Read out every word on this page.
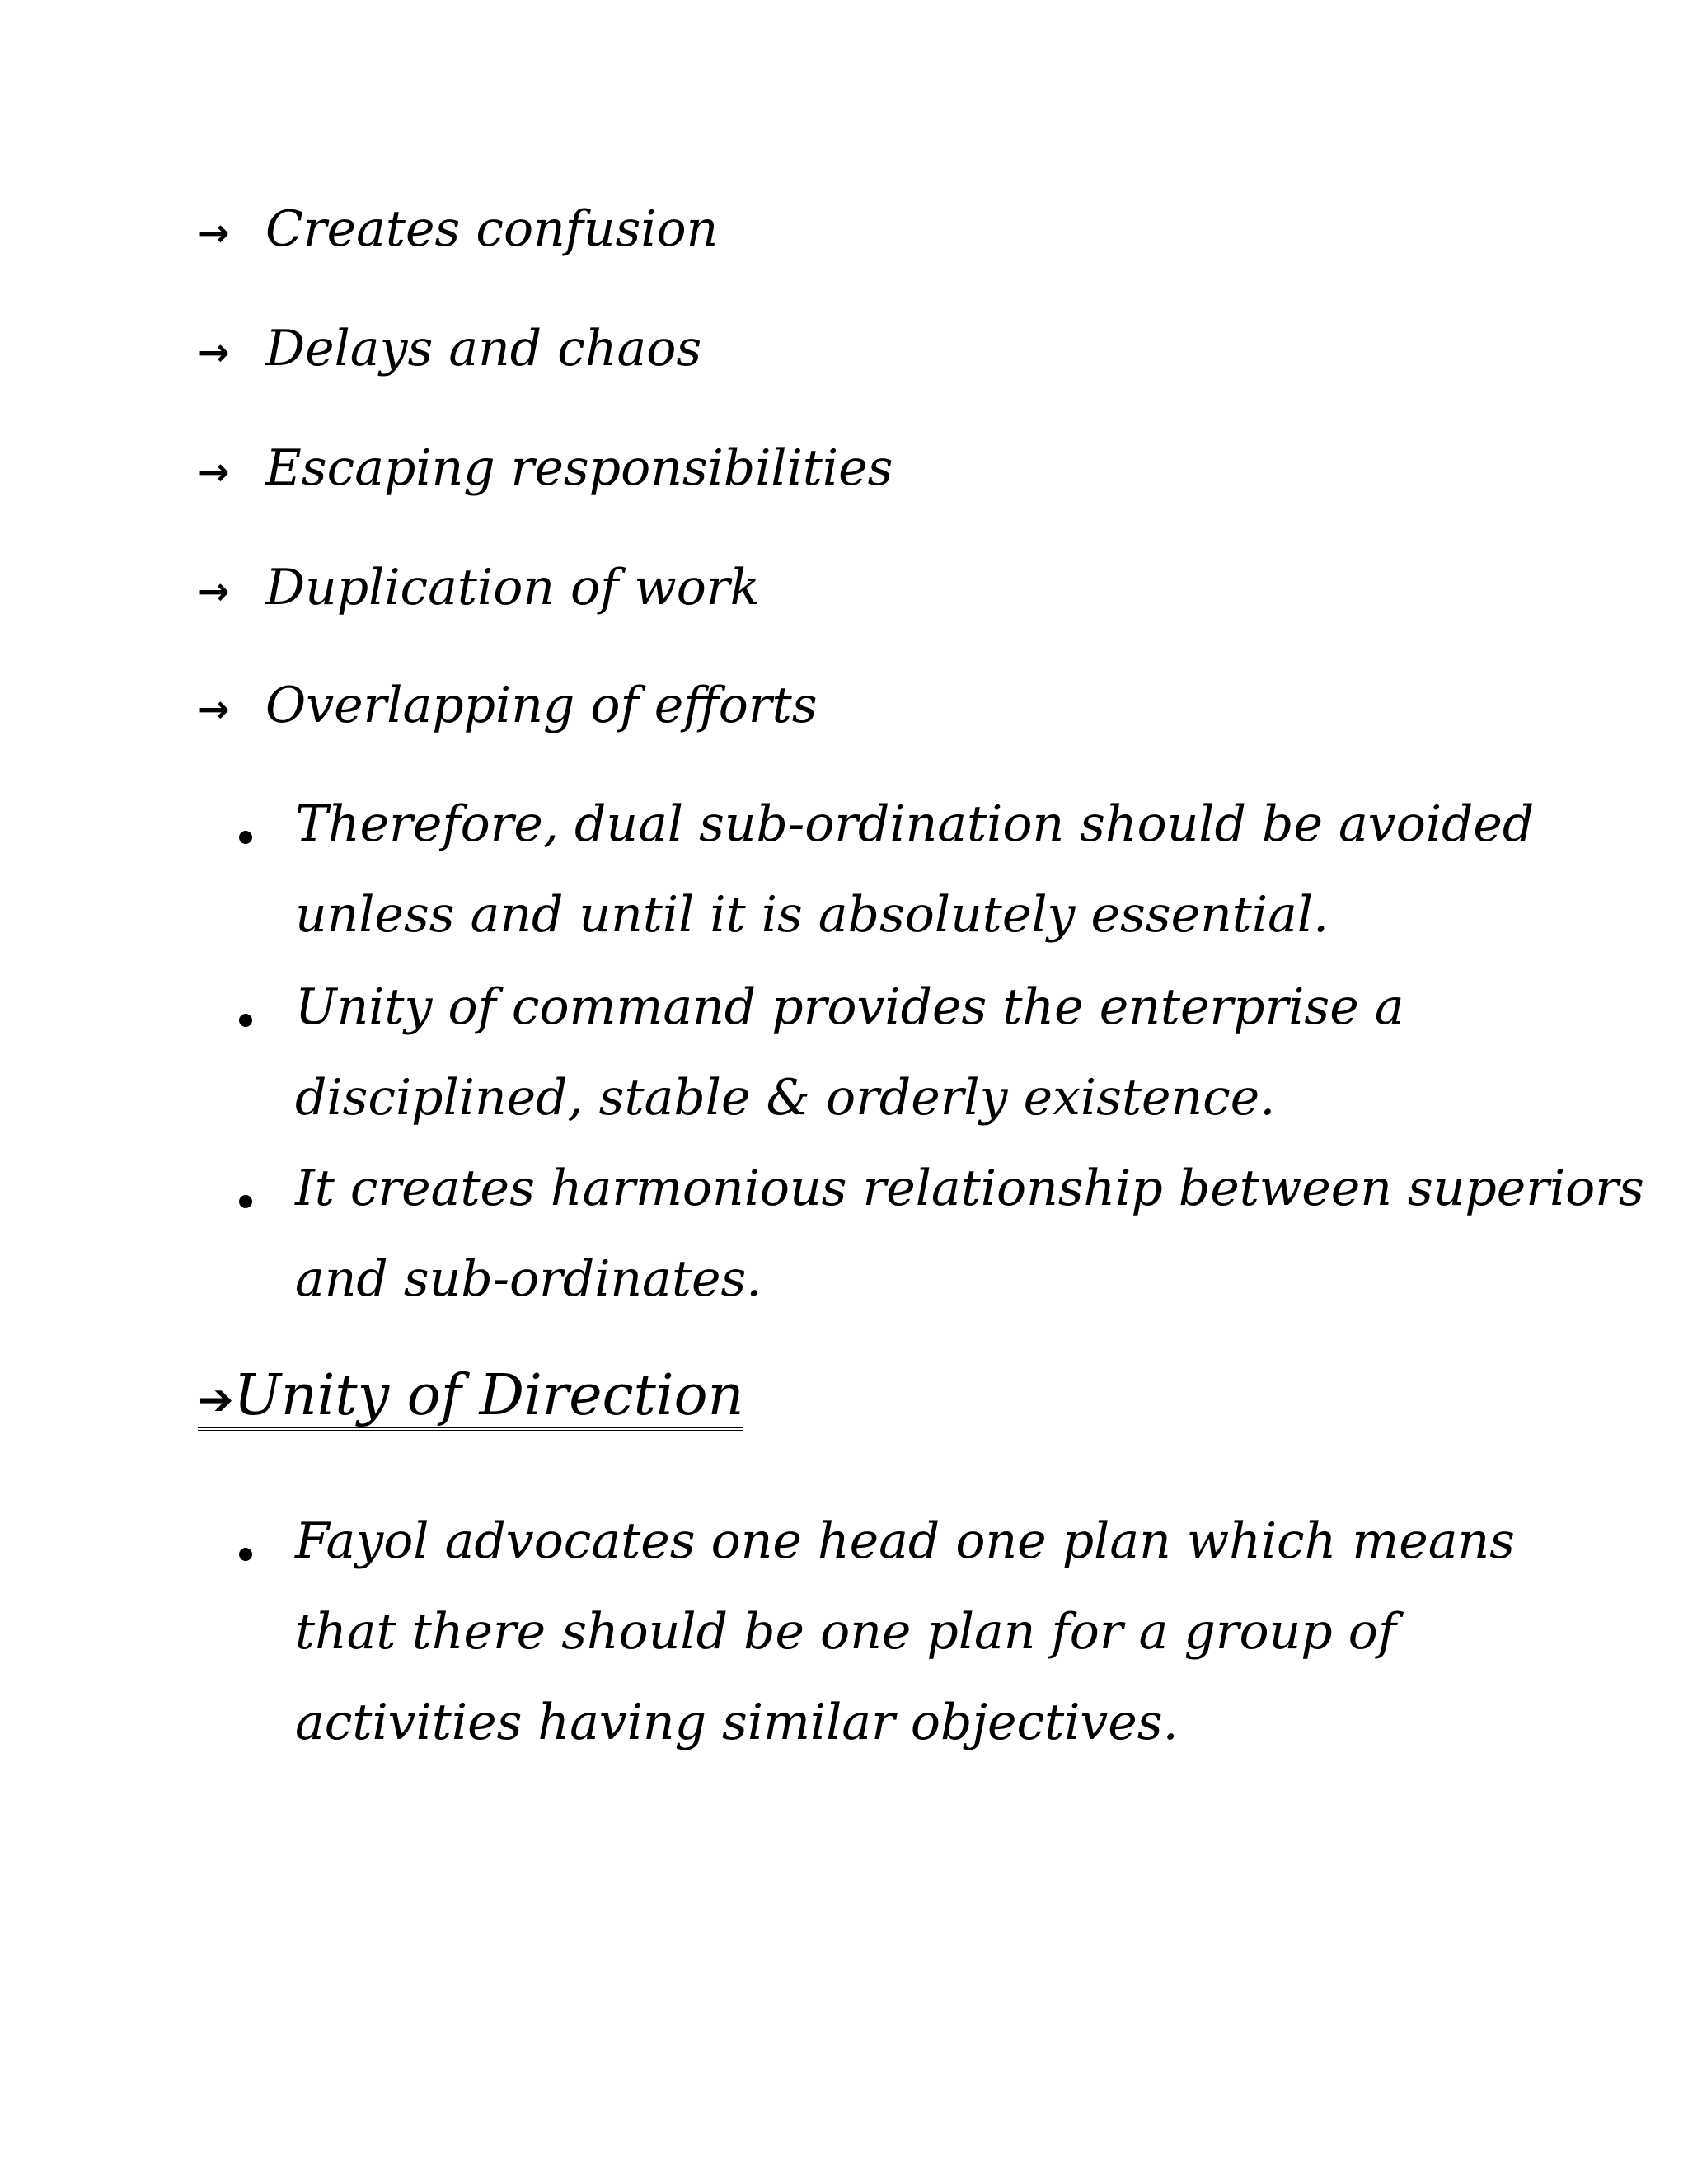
→ Creates confusion
→ Delays and chaos
→ Escaping responsibilities
→ Duplication of work
→ Overlapping of efforts
Therefore, dual sub-ordination should be avoided
unless and until it is absolutely essential.
Unity of command provides the enterprise a
disciplined, stable & orderly existence.
It creates harmonious relationship between superiors
and sub-ordinates.
➔ Unity of Direction
Fayol advocates one head one plan which means
that there should be one plan for a group of
activities having similar objectives.
